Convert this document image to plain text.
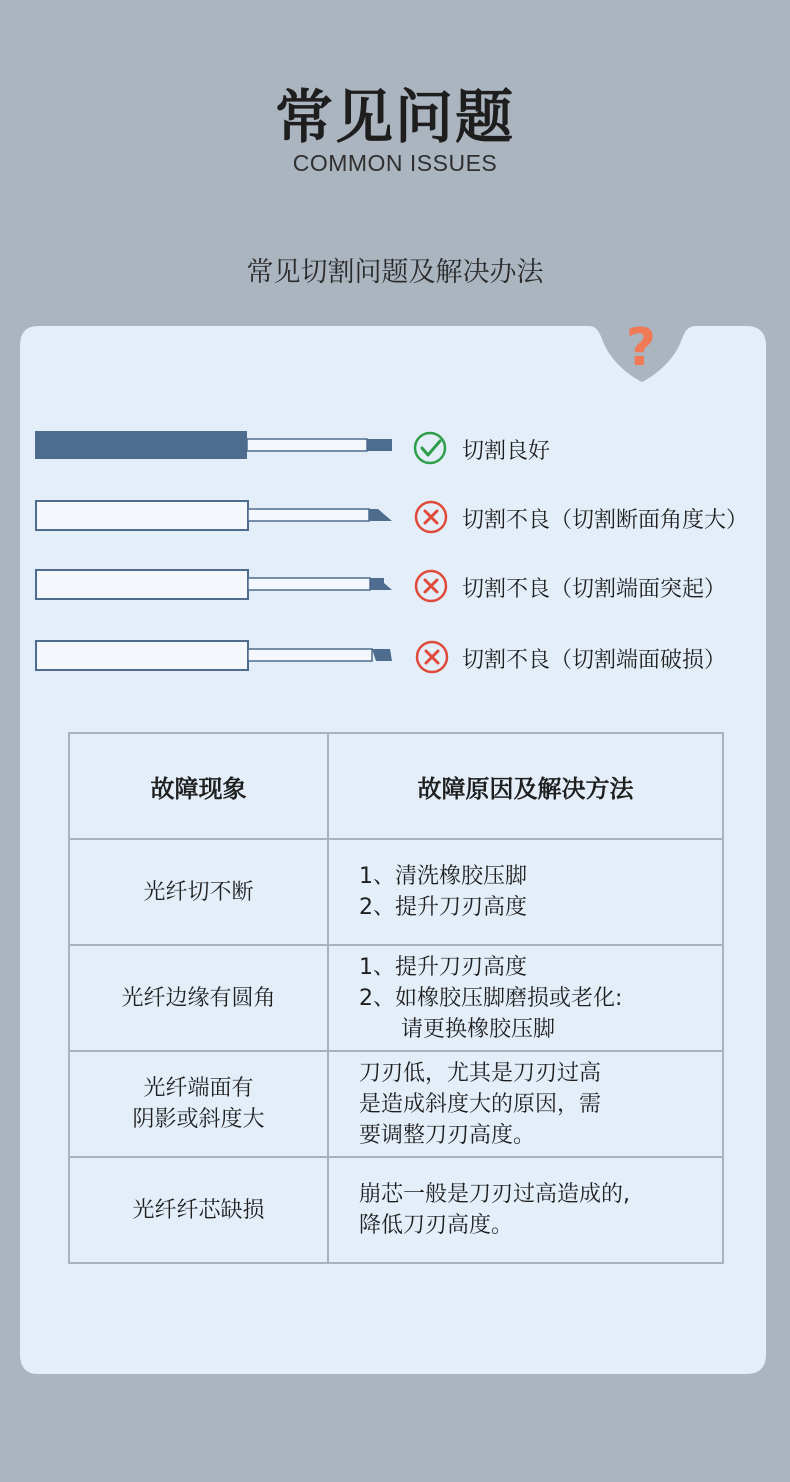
常见问题
COMMON ISSUES
常见切割问题及解决办法
?
切割良好
切割不良（切割断面角度大）
切割不良（切割端面突起）
切割不良（切割端面破损）
故障现象	故障原因及解决方法

光纤切不断	1、清洗橡胶压脚
2、提升刀刃高度

光纤边缘有圆角	1、提升刀刃高度
2、如橡胶压脚磨损或老化:
请更换橡胶压脚

光纤端面有
阴影或斜度大	刀刃低，尤其是刀刃过高
是造成斜度大的原因，需
要调整刀刃高度。

光纤纤芯缺损	崩芯一般是刀刃过高造成的,
降低刀刃高度。
